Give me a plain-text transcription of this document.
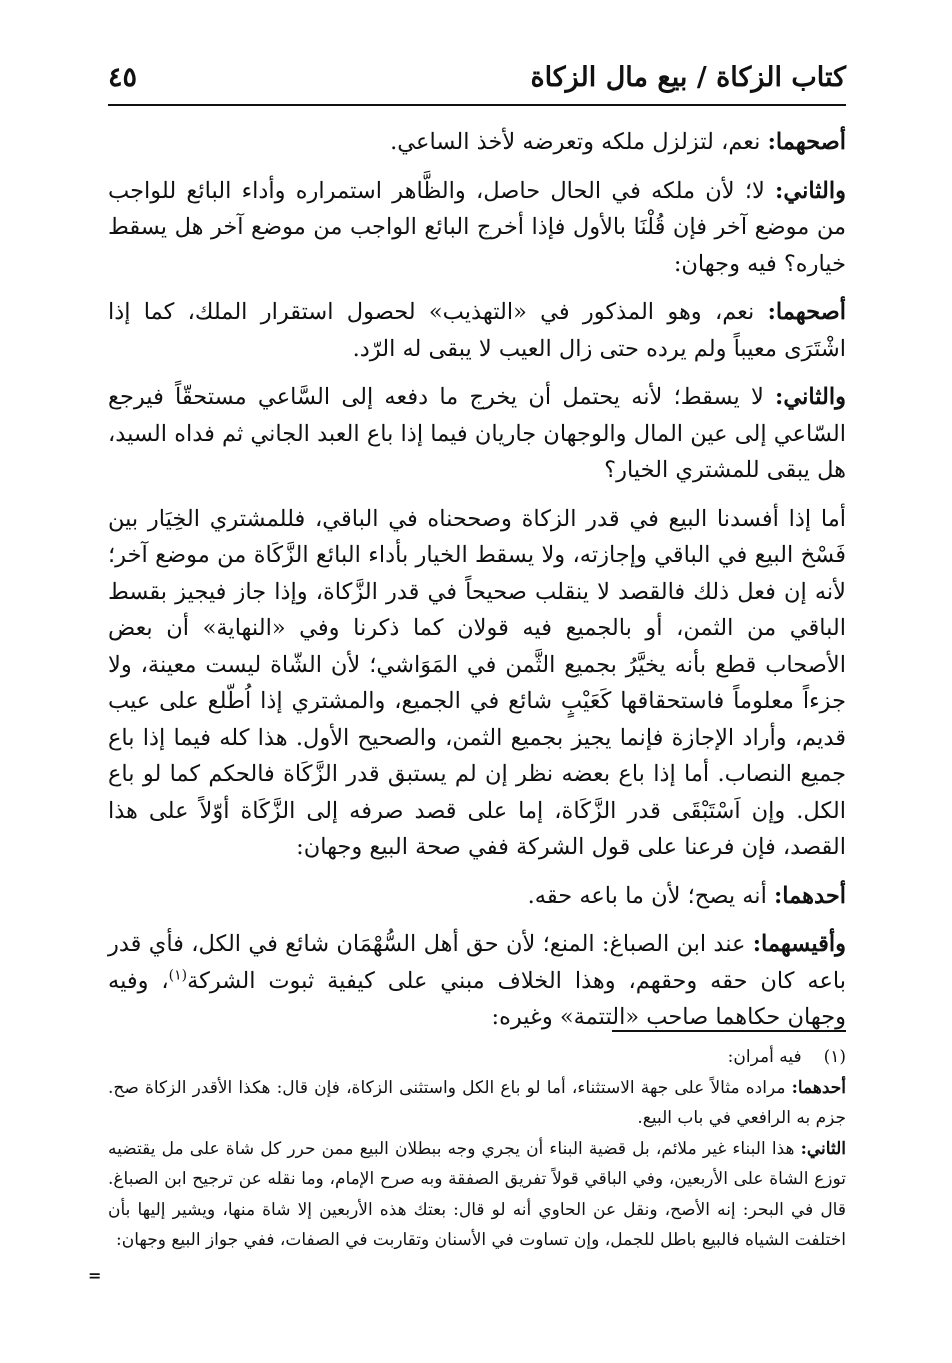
كتاب الزكاة / بيع مال الزكاة
٤٥

أصحهما: نعم، لتزلزل ملكه وتعرضه لأخذ الساعي.

والثاني: لا؛ لأن ملكه في الحال حاصل، والظَّاهر استمراره وأداء البائع للواجب من موضع آخر فإن قُلْنَا بالأول فإذا أخرج البائع الواجب من موضع آخر هل يسقط خياره؟ فيه وجهان:

أصحهما: نعم، وهو المذكور في «التهذيب» لحصول استقرار الملك، كما إذا اشْتَرَى معيباً ولم يرده حتى زال العيب لا يبقى له الرّد.

والثاني: لا يسقط؛ لأنه يحتمل أن يخرج ما دفعه إلى السَّاعي مستحقّاً فيرجع السّاعي إلى عين المال والوجهان جاريان فيما إذا باع العبد الجاني ثم فداه السيد، هل يبقى للمشتري الخيار؟

أما إذا أفسدنا البيع في قدر الزكاة وصححناه في الباقي، فللمشتري الخِيَار بين فَسْخ البيع في الباقي وإجازته، ولا يسقط الخيار بأداء البائع الزَّكَاة من موضع آخر؛ لأنه إن فعل ذلك فالقصد لا ينقلب صحيحاً في قدر الزَّكاة، وإذا جاز فيجيز بقسط الباقي من الثمن، أو بالجميع فيه قولان كما ذكرنا وفي «النهاية» أن بعض الأصحاب قطع بأنه يخيَّرُ بجميع الثَّمن في المَوَاشي؛ لأن الشّاة ليست معينة، ولا جزءاً معلوماً فاستحقاقها كَعَيْبٍ شائع في الجميع، والمشتري إذا اُطّلع على عيب قديم، وأراد الإجازة فإنما يجيز بجميع الثمن، والصحيح الأول. هذا كله فيما إذا باع جميع النصاب. أما إذا باع بعضه نظر إن لم يستبق قدر الزَّكَاة فالحكم كما لو باع الكل. وإن اَسْتَبْقَى قدر الزَّكَاة، إما على قصد صرفه إلى الزَّكَاة أوّلاً على هذا القصد، فإن فرعنا على قول الشركة ففي صحة البيع وجهان:

أحدهما: أنه يصح؛ لأن ما باعه حقه.

وأقيسهما: عند ابن الصباغ: المنع؛ لأن حق أهل السُّهْمَان شائع في الكل، فأي قدر باعه كان حقه وحقهم، وهذا الخلاف مبني على كيفية ثبوت الشركة$^{(١)}$، وفيه وجهان حكاهما صاحب «التتمة» وغيره:

(١)فيه أمران:

أحدهما: مراده مثالاً على جهة الاستثناء، أما لو باع الكل واستثنى الزكاة، فإن قال: هكذا الأقدر الزكاة صح. جزم به الرافعي في باب البيع.

الثاني: هذا البناء غير ملائم، بل قضية البناء أن يجري وجه ببطلان البيع ممن حرر كل شاة على مل يقتضيه توزع الشاة على الأربعين، وفي الباقي قولاً تفريق الصفقة وبه صرح الإمام، وما نقله عن ترجيح ابن الصباغ. قال في البحر: إنه الأصح، ونقل عن الحاوي أنه لو قال: بعتك هذه الأربعين إلا شاة منها، ويشير إليها بأن اختلفت الشياه فالبيع باطل للجمل، وإن تساوت في الأسنان وتقاربت في الصفات، ففي جواز البيع وجهان:

=
